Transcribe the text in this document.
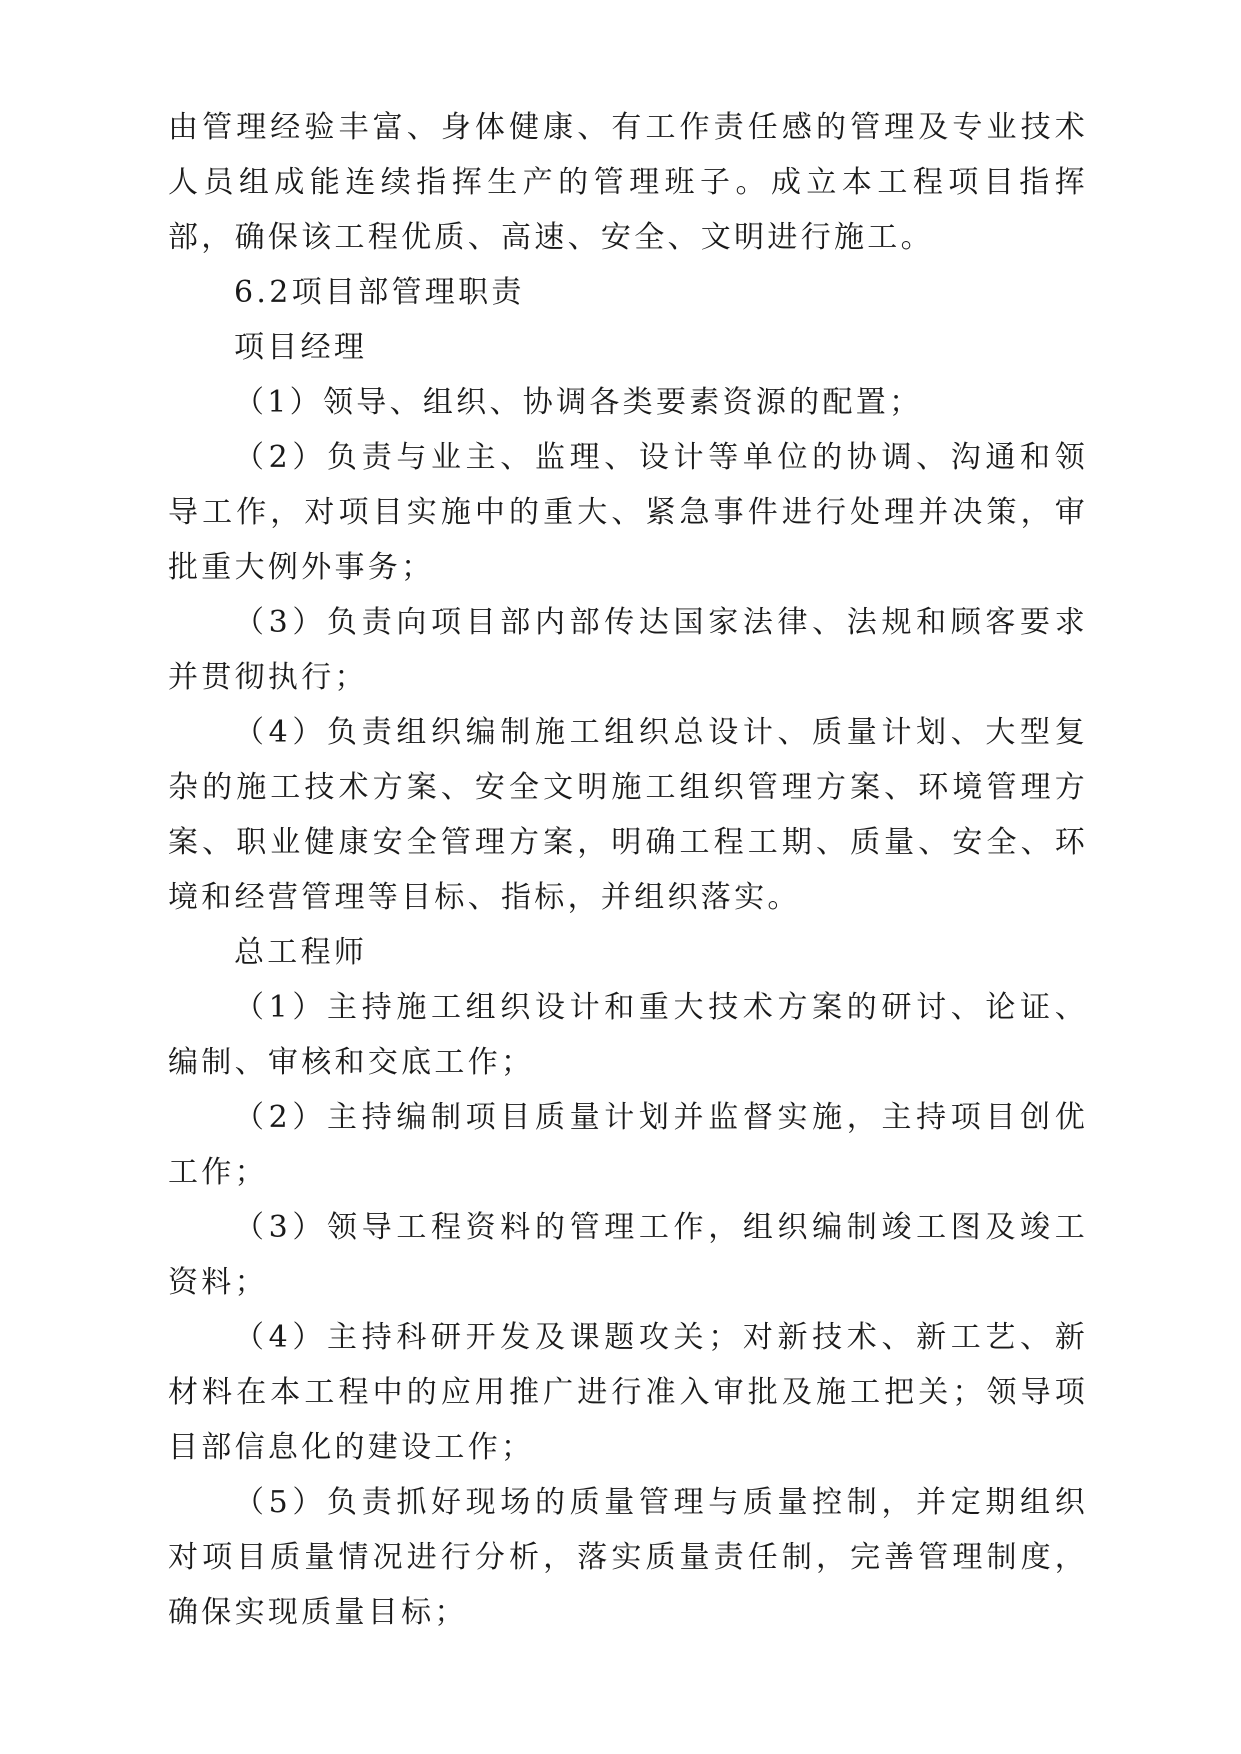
由管理经验丰富、身体健康、有工作责任感的管理及专业技术人员组成能连续指挥生产的管理班子。成立本工程项目指挥部，确保该工程优质、高速、安全、文明进行施工。

6.2项目部管理职责

项目经理

（1）领导、组织、协调各类要素资源的配置；

（2）负责与业主、监理、设计等单位的协调、沟通和领导工作，对项目实施中的重大、紧急事件进行处理并决策，审批重大例外事务；

（3）负责向项目部内部传达国家法律、法规和顾客要求并贯彻执行；

（4）负责组织编制施工组织总设计、质量计划、大型复杂的施工技术方案、安全文明施工组织管理方案、环境管理方案、职业健康安全管理方案，明确工程工期、质量、安全、环境和经营管理等目标、指标，并组织落实。

总工程师

（1）主持施工组织设计和重大技术方案的研讨、论证、编制、审核和交底工作；

（2）主持编制项目质量计划并监督实施，主持项目创优工作；

（3）领导工程资料的管理工作，组织编制竣工图及竣工资料；

（4）主持科研开发及课题攻关；对新技术、新工艺、新材料在本工程中的应用推广进行准入审批及施工把关；领导项目部信息化的建设工作；

（5）负责抓好现场的质量管理与质量控制，并定期组织对项目质量情况进行分析，落实质量责任制，完善管理制度，确保实现质量目标；
